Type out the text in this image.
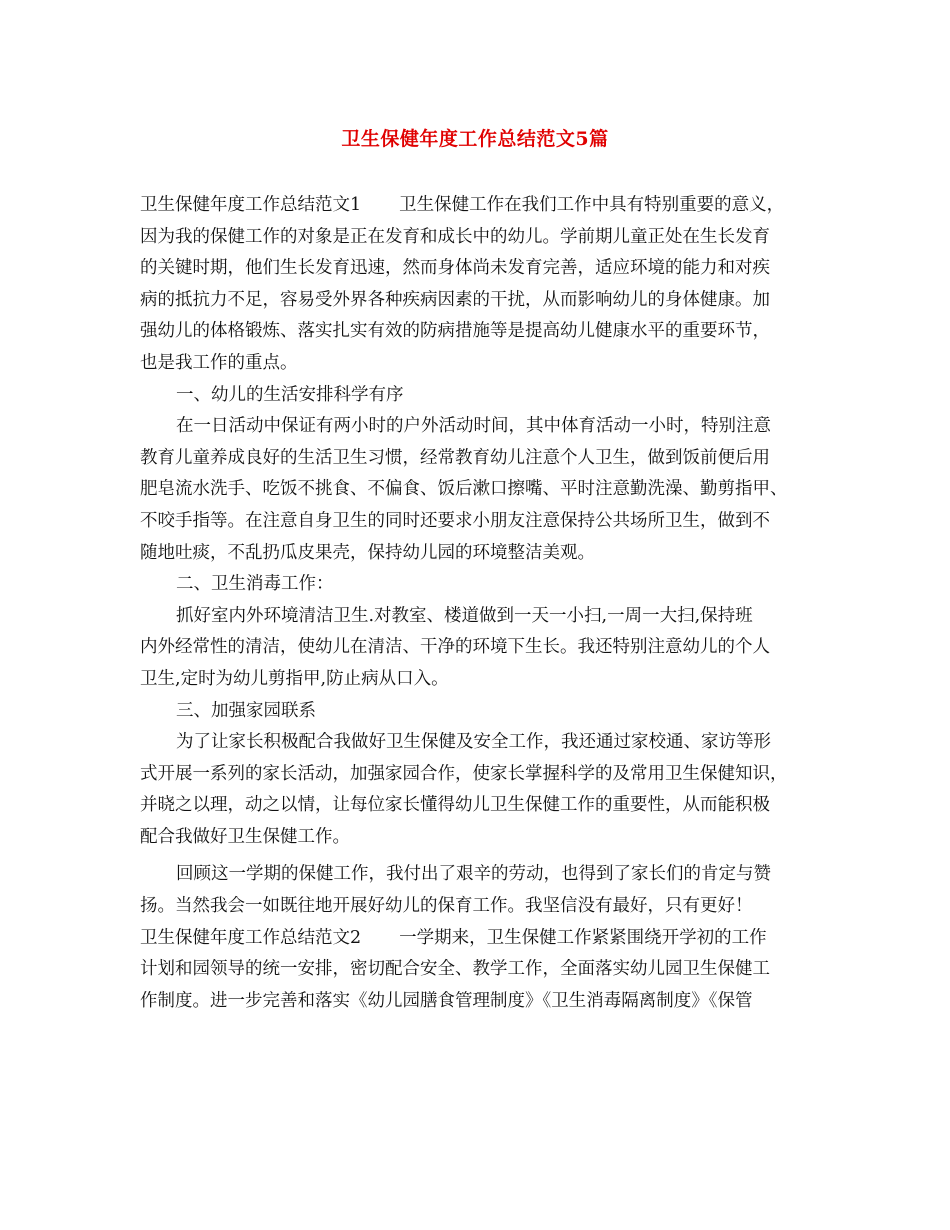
卫生保健年度工作总结范文5篇
卫生保健年度工作总结范文1 卫生保健工作在我们工作中具有特别重要的意义，
因为我的保健工作的对象是正在发育和成长中的幼儿。学前期儿童正处在生长发育
的关键时期，他们生长发育迅速，然而身体尚未发育完善，适应环境的能力和对疾
病的抵抗力不足，容易受外界各种疾病因素的干扰，从而影响幼儿的身体健康。加
强幼儿的体格锻炼、落实扎实有效的防病措施等是提高幼儿健康水平的重要环节，
也是我工作的重点。
一、幼儿的生活安排科学有序
在一日活动中保证有两小时的户外活动时间，其中体育活动一小时，特别注意
教育儿童养成良好的生活卫生习惯，经常教育幼儿注意个人卫生，做到饭前便后用
肥皂流水洗手、吃饭不挑食、不偏食、饭后漱口擦嘴、平时注意勤洗澡、勤剪指甲、
不咬手指等。在注意自身卫生的同时还要求小朋友注意保持公共场所卫生，做到不
随地吐痰，不乱扔瓜皮果壳，保持幼儿园的环境整洁美观。
二、卫生消毒工作：
抓好室内外环境清洁卫生.对教室、楼道做到一天一小扫,一周一大扫,保持班
内外经常性的清洁，使幼儿在清洁、干净的环境下生长。我还特别注意幼儿的个人
卫生,定时为幼儿剪指甲,防止病从口入。
三、加强家园联系
为了让家长积极配合我做好卫生保健及安全工作，我还通过家校通、家访等形
式开展一系列的家长活动，加强家园合作，使家长掌握科学的及常用卫生保健知识，
并晓之以理，动之以情，让每位家长懂得幼儿卫生保健工作的重要性，从而能积极
配合我做好卫生保健工作。
回顾这一学期的保健工作，我付出了艰辛的劳动，也得到了家长们的肯定与赞
扬。当然我会一如既往地开展好幼儿的保育工作。我坚信没有最好，只有更好！
卫生保健年度工作总结范文2 一学期来，卫生保健工作紧紧围绕开学初的工作
计划和园领导的统一安排，密切配合安全、教学工作，全面落实幼儿园卫生保健工
作制度。进一步完善和落实《幼儿园膳食管理制度》《卫生消毒隔离制度》《保管
